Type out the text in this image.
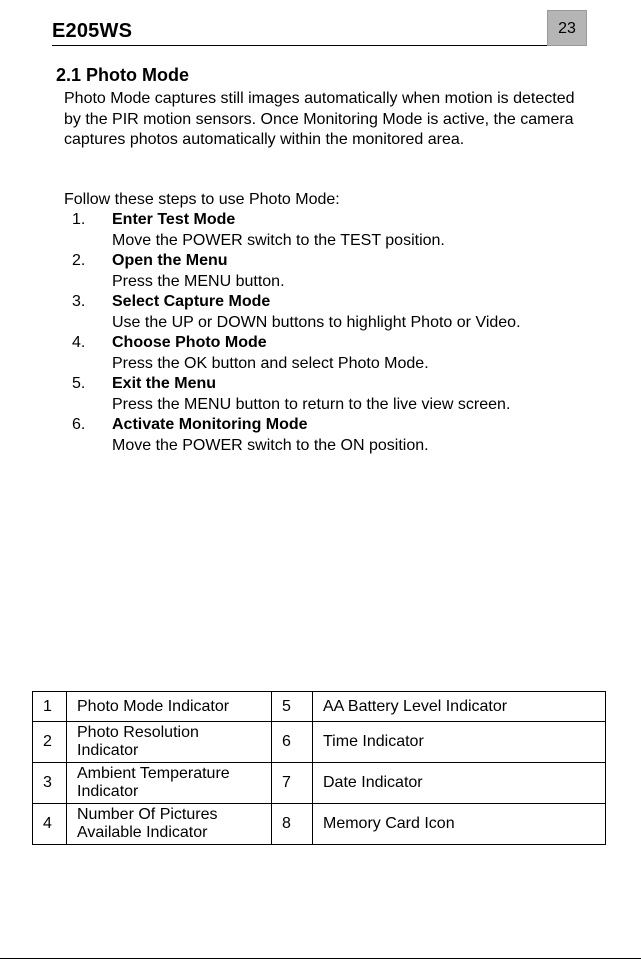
E205WS	23
2.1 Photo Mode

Photo Mode captures still images automatically when motion is detected by the PIR motion sensors. Once Monitoring Mode is active, the camera captures photos automatically within the monitored area.

Follow these steps to use Photo Mode:
1. Enter Test Mode
Move the POWER switch to the TEST position.
2. Open the Menu
Press the MENU button.
3. Select Capture Mode
Use the UP or DOWN buttons to highlight Photo or Video.
4. Choose Photo Mode
Press the OK button and select Photo Mode.
5. Exit the Menu
Press the MENU button to return to the live view screen.
6. Activate Monitoring Mode
Move the POWER switch to the ON position.
1	Photo Mode Indicator	5	AA Battery Level Indicator
2	Photo Resolution Indicator	6	Time Indicator
3	Ambient Temperature Indicator	7	Date Indicator
4	Number Of Pictures Available Indicator	8	Memory Card Icon
